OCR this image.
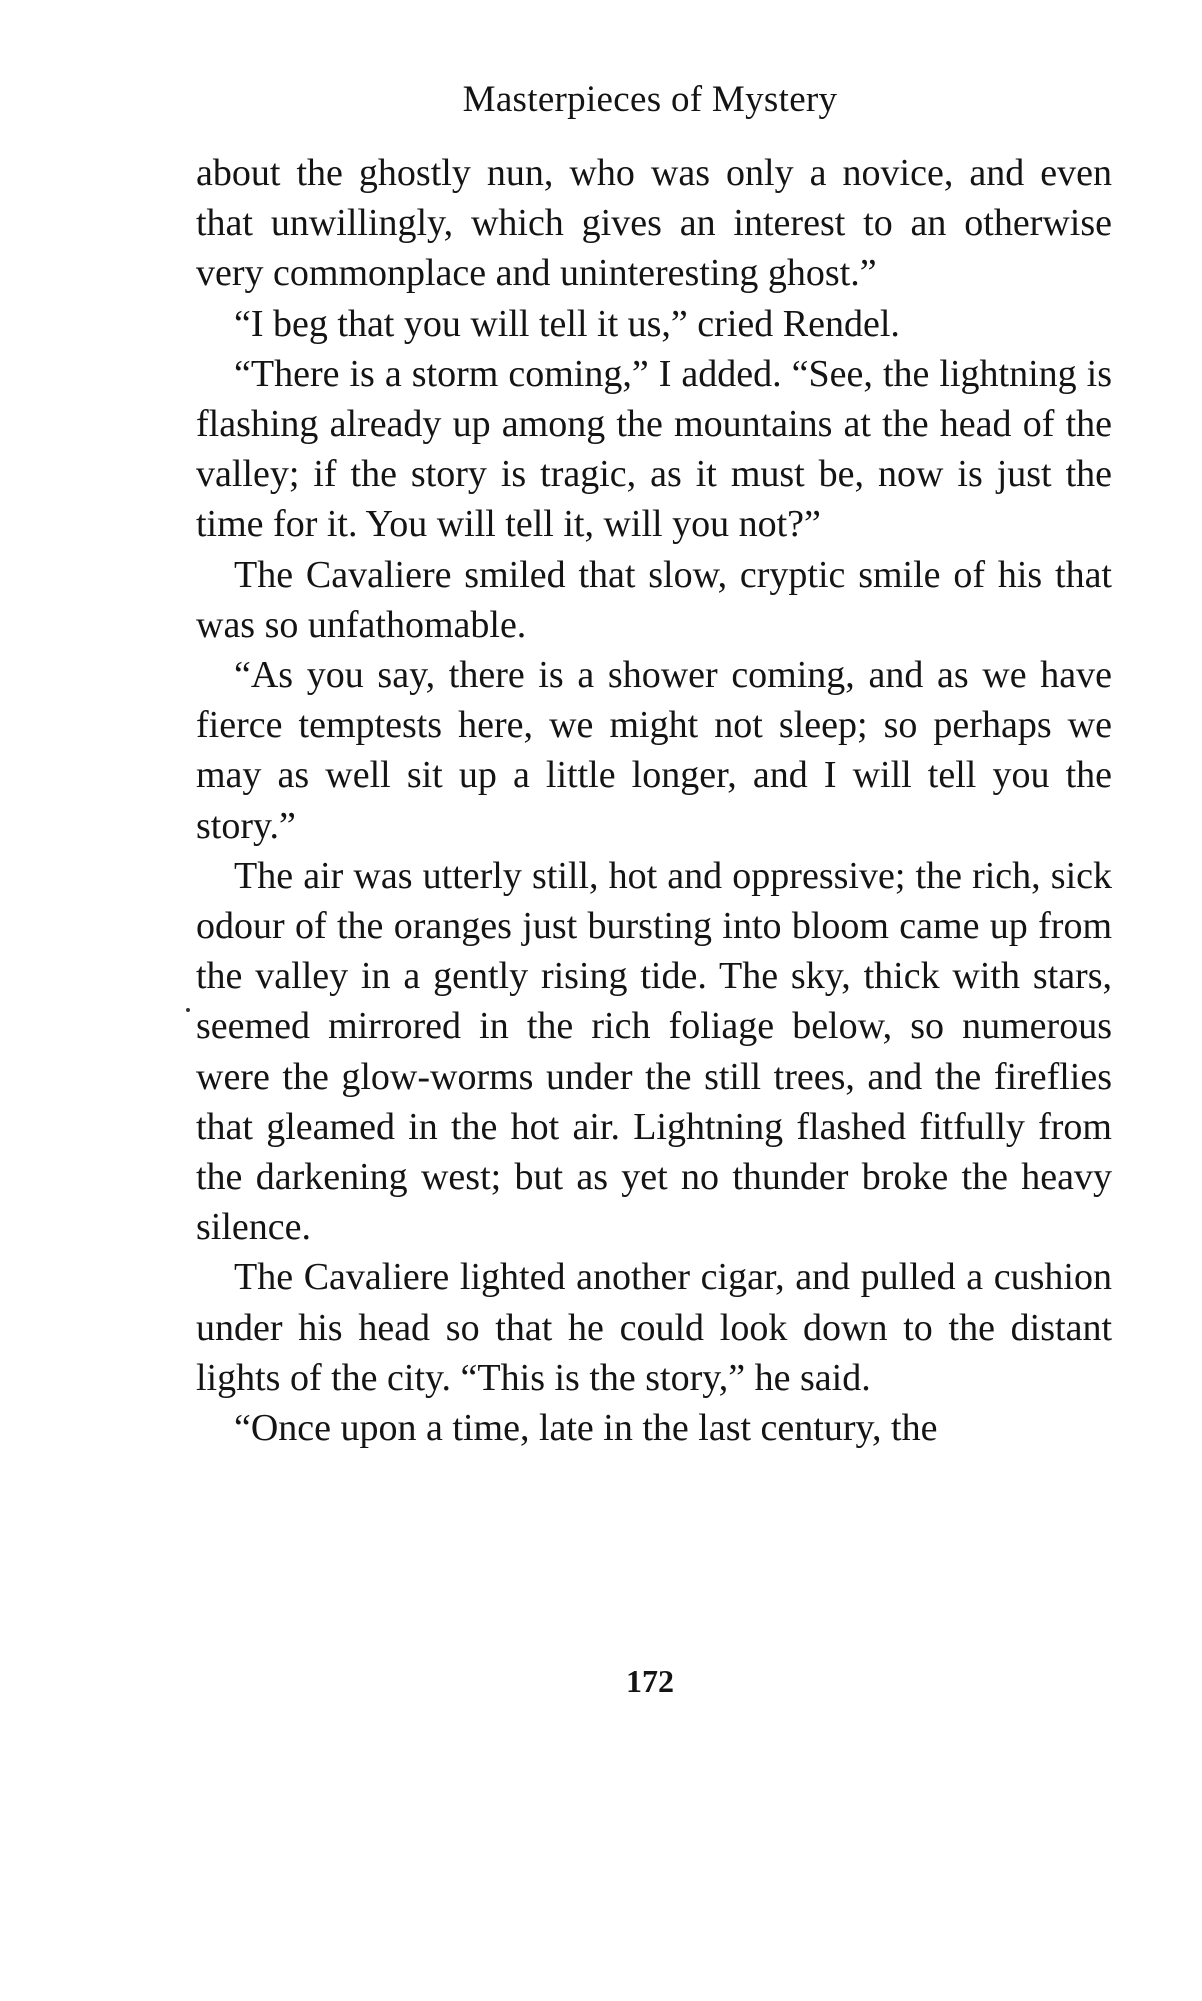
Masterpieces of Mystery

about the ghostly nun, who was only a novice, and even that unwillingly, which gives an interest to an otherwise very commonplace and uninteresting ghost.”

“I beg that you will tell it us,” cried Rendel.

“There is a storm coming,” I added. “See, the lightning is flashing already up among the mountains at the head of the valley; if the story is tragic, as it must be, now is just the time for it. You will tell it, will you not?”

The Cavaliere smiled that slow, cryptic smile of his that was so unfathomable.

“As you say, there is a shower coming, and as we have fierce temptests here, we might not sleep; so perhaps we may as well sit up a little longer, and I will tell you the story.”

The air was utterly still, hot and oppressive; the rich, sick odour of the oranges just bursting into bloom came up from the valley in a gently rising tide. The sky, thick with stars, seemed mirrored in the rich foliage below, so numerous were the glow-worms under the still trees, and the fireflies that gleamed in the hot air. Lightning flashed fitfully from the darkening west; but as yet no thunder broke the heavy silence.

The Cavaliere lighted another cigar, and pulled a cushion under his head so that he could look down to the distant lights of the city. “This is the story,” he said.

“Once upon a time, late in the last century, the

172
